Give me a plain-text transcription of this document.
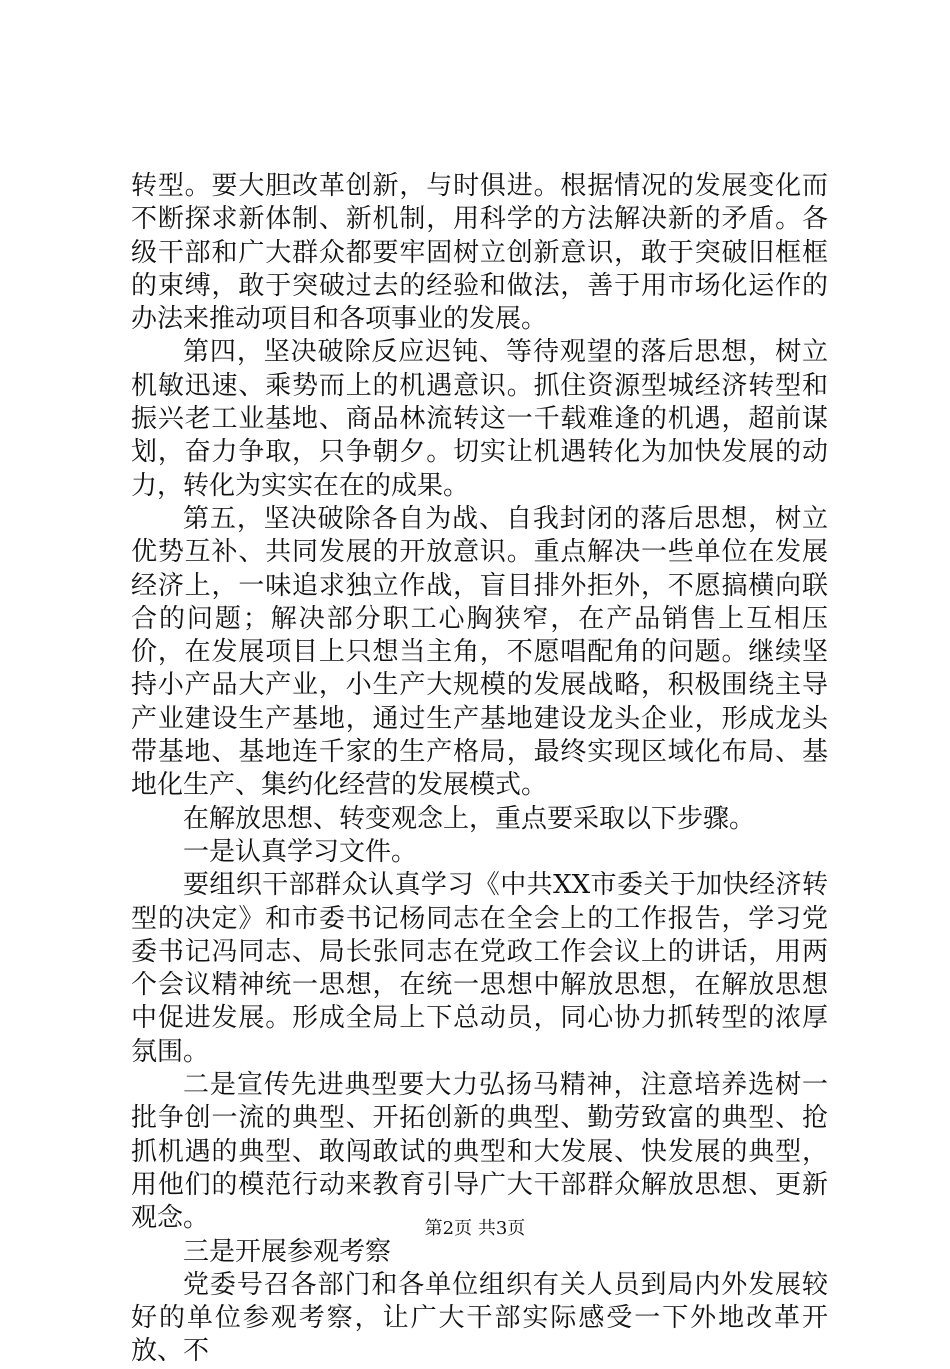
转型。要大胆改革创新，与时俱进。根据情况的发展变化而不断探求新体制、新机制，用科学的方法解决新的矛盾。各级干部和广大群众都要牢固树立创新意识，敢于突破旧框框的束缚，敢于突破过去的经验和做法，善于用市场化运作的办法来推动项目和各项事业的发展。

第四，坚决破除反应迟钝、等待观望的落后思想，树立机敏迅速、乘势而上的机遇意识。抓住资源型城经济转型和振兴老工业基地、商品林流转这一千载难逢的机遇，超前谋划，奋力争取，只争朝夕。切实让机遇转化为加快发展的动力，转化为实实在在的成果。

第五，坚决破除各自为战、自我封闭的落后思想，树立优势互补、共同发展的开放意识。重点解决一些单位在发展经济上，一味追求独立作战，盲目排外拒外，不愿搞横向联合的问题；解决部分职工心胸狭窄，在产品销售上互相压价，在发展项目上只想当主角，不愿唱配角的问题。继续坚持小产品大产业，小生产大规模的发展战略，积极围绕主导产业建设生产基地，通过生产基地建设龙头企业，形成龙头带基地、基地连千家的生产格局，最终实现区域化布局、基地化生产、集约化经营的发展模式。

在解放思想、转变观念上，重点要采取以下步骤。

一是认真学习文件。

要组织干部群众认真学习《中共XX市委关于加快经济转型的决定》和市委书记杨同志在全会上的工作报告，学习党委书记冯同志、局长张同志在党政工作会议上的讲话，用两个会议精神统一思想，在统一思想中解放思想，在解放思想中促进发展。形成全局上下总动员，同心协力抓转型的浓厚氛围。

二是宣传先进典型要大力弘扬马精神，注意培养选树一批争创一流的典型、开拓创新的典型、勤劳致富的典型、抢抓机遇的典型、敢闯敢试的典型和大发展、快发展的典型，用他们的模范行动来教育引导广大干部群众解放思想、更新观念。

三是开展参观考察

党委号召各部门和各单位组织有关人员到局内外发展较好的单位参观考察，让广大干部实际感受一下外地改革开放、不

第2页 共3页
